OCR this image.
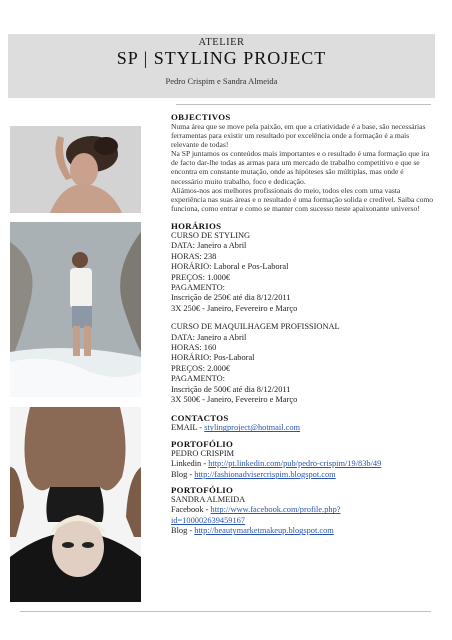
ATELIER
SP | STYLING PROJECT
Pedro Crispim e Sandra Almeida
OBJECTIVOS
Numa área que se move pela paixão, em que a criatividade é a base, são necessárias ferramentas para existir um resultado por excelência onde a formação é a mais relevante de todas!
Na SP juntamos os conteúdos mais importantes e o resultado é uma formação que ira de facto dar-lhe todas as armas para um mercado de trabalho competitivo e que se encontra em constante mutação, onde as hipóteses são múltiplas, mas onde é necessário muito trabalho, foco e dedicação.
Aliámos-nos aos melhores profissionais do meio, todos eles com uma vasta experiência nas suas áreas e o resultado é uma formação solida e credível. Saiba como funciona, como entrar e como se manter com sucesso neste apaixonante universo!
HORÁRIOS
CURSO DE STYLING
DATA: Janeiro a Abril
HORAS: 238
HORÁRIO: Laboral e Pos-Laboral
PREÇOS: 1.000€
PAGAMENTO:
Inscrição de 250€ até dia 8/12/2011
3X 250€ - Janeiro, Fevereiro e Março
CURSO DE MAQUILHAGEM PROFISSIONAL
DATA: Janeiro a Abril
HORAS: 160
HORÁRIO: Pos-Laboral
PREÇOS: 2.000€
PAGAMENTO:
Inscrição de 500€ até dia 8/12/2011
3X 500€ - Janeiro, Fevereiro e Março
CONTACTOS
EMAIL - stylingproject@hotmail.com
PORTOFÓLIO
PEDRO CRISPIM
Linkedin - http://pt.linkedin.com/pub/pedro-crispim/19/83b/49
Blog - http://fashionadvisercrispim.blogspot.com
PORTOFÓLIO
SANDRA ALMEIDA
Facebook - http://www.facebook.com/profile.php?
id=100002639459167
Blog - http://beautymarketmakeup.blogspot.com
